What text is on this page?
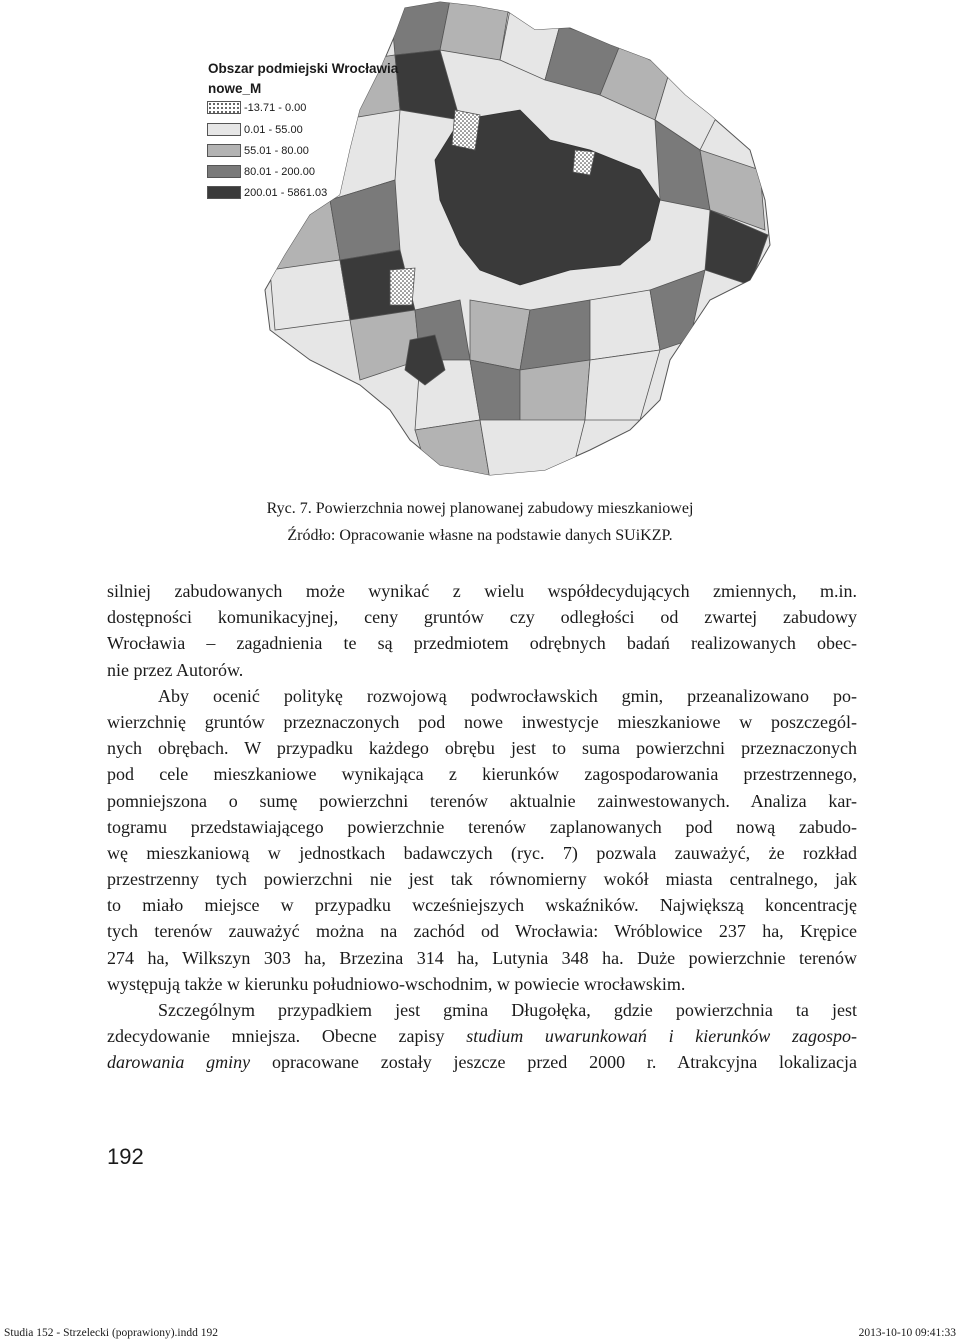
Obszar podmiejski Wrocławia
nowe_M
-13.71 - 0.00
0.01 - 55.00
55.01 - 80.00
80.01 - 200.00
200.01 - 5861.03
Ryc. 7. Powierzchnia nowej planowanej zabudowy mieszkaniowej
Źródło: Opracowanie własne na podstawie danych SUiKZP.
silniej zabudowanych może wynikać z wielu współdecydujących zmiennych, m.in.
dostępności komunikacyjnej, ceny gruntów czy odległości od zwartej zabudowy
Wrocławia – zagadnienia te są przedmiotem odrębnych badań realizowanych obec-
nie przez Autorów.
Aby ocenić politykę rozwojową podwrocławskich gmin, przeanalizowano po-
wierzchnię gruntów przeznaczonych pod nowe inwestycje mieszkaniowe w poszczegól-
nych obrębach. W przypadku każdego obrębu jest to suma powierzchni przeznaczonych
pod cele mieszkaniowe wynikająca z kierunków zagospodarowania przestrzennego,
pomniejszona o sumę powierzchni terenów aktualnie zainwestowanych. Analiza kar-
togramu przedstawiającego powierzchnie terenów zaplanowanych pod nową zabudo-
wę mieszkaniową w jednostkach badawczych (ryc. 7) pozwala zauważyć, że rozkład
przestrzenny tych powierzchni nie jest tak równomierny wokół miasta centralnego, jak
to miało miejsce w przypadku wcześniejszych wskaźników. Największą koncentrację
tych terenów zauważyć można na zachód od Wrocławia: Wróblowice 237 ha, Krępice
274 ha, Wilkszyn 303 ha, Brzezina 314 ha, Lutynia 348 ha. Duże powierzchnie terenów
występują także w kierunku południowo-wschodnim, w powiecie wrocławskim.
Szczególnym przypadkiem jest gmina Długołęka, gdzie powierzchnia ta jest
zdecydowanie mniejsza. Obecne zapisy studium uwarunkowań i kierunków zagospo-
darowania gminy opracowane zostały jeszcze przed 2000 r. Atrakcyjna lokalizacja
192
Studia 152 - Strzelecki (poprawiony).indd 192	2013-10-10 09:41:33
